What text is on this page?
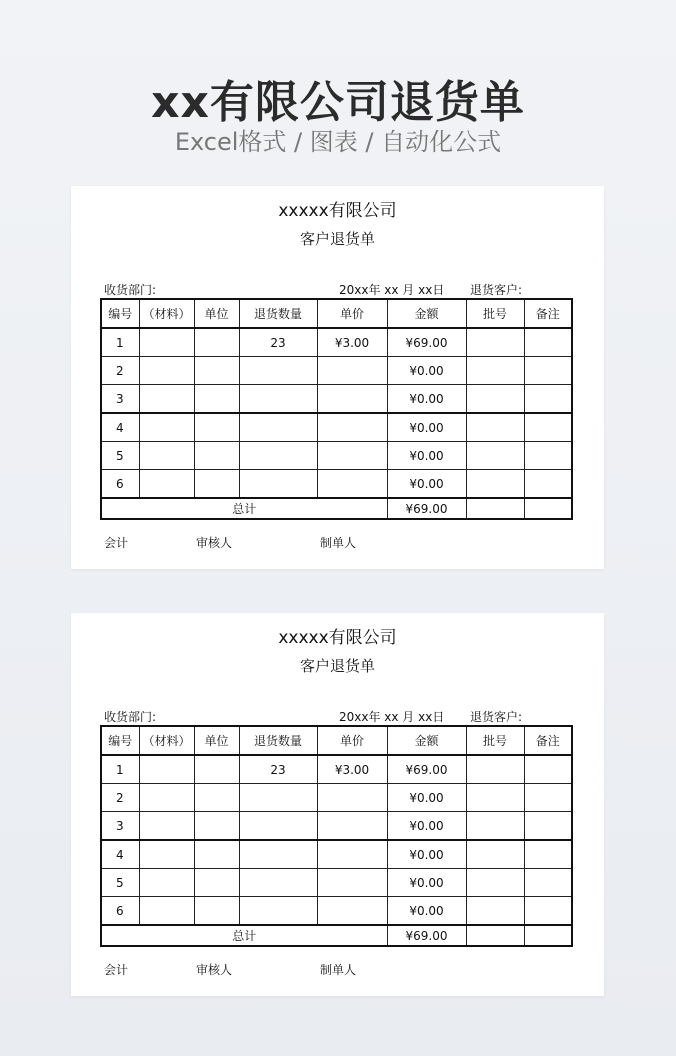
xx有限公司退货单
Excel格式 / 图表 / 自动化公式
xxxxx有限公司
客户退货单
收货部门:	20xx年 xx 月 xx日 退货客户:
编号	（材料）	单位	退货数量	单价	金额	批号	备注
1			23	¥3.00	¥69.00		
2					¥0.00		
3					¥0.00		
4					¥0.00		
5					¥0.00		
6					¥0.00		
总计					¥69.00		
会计	审核人	制单人
xxxxx有限公司
客户退货单
收货部门:	20xx年 xx 月 xx日 退货客户:
编号	（材料）	单位	退货数量	单价	金额	批号	备注
1			23	¥3.00	¥69.00		
2					¥0.00		
3					¥0.00		
4					¥0.00		
5					¥0.00		
6					¥0.00		
总计					¥69.00		
会计	审核人	制单人
